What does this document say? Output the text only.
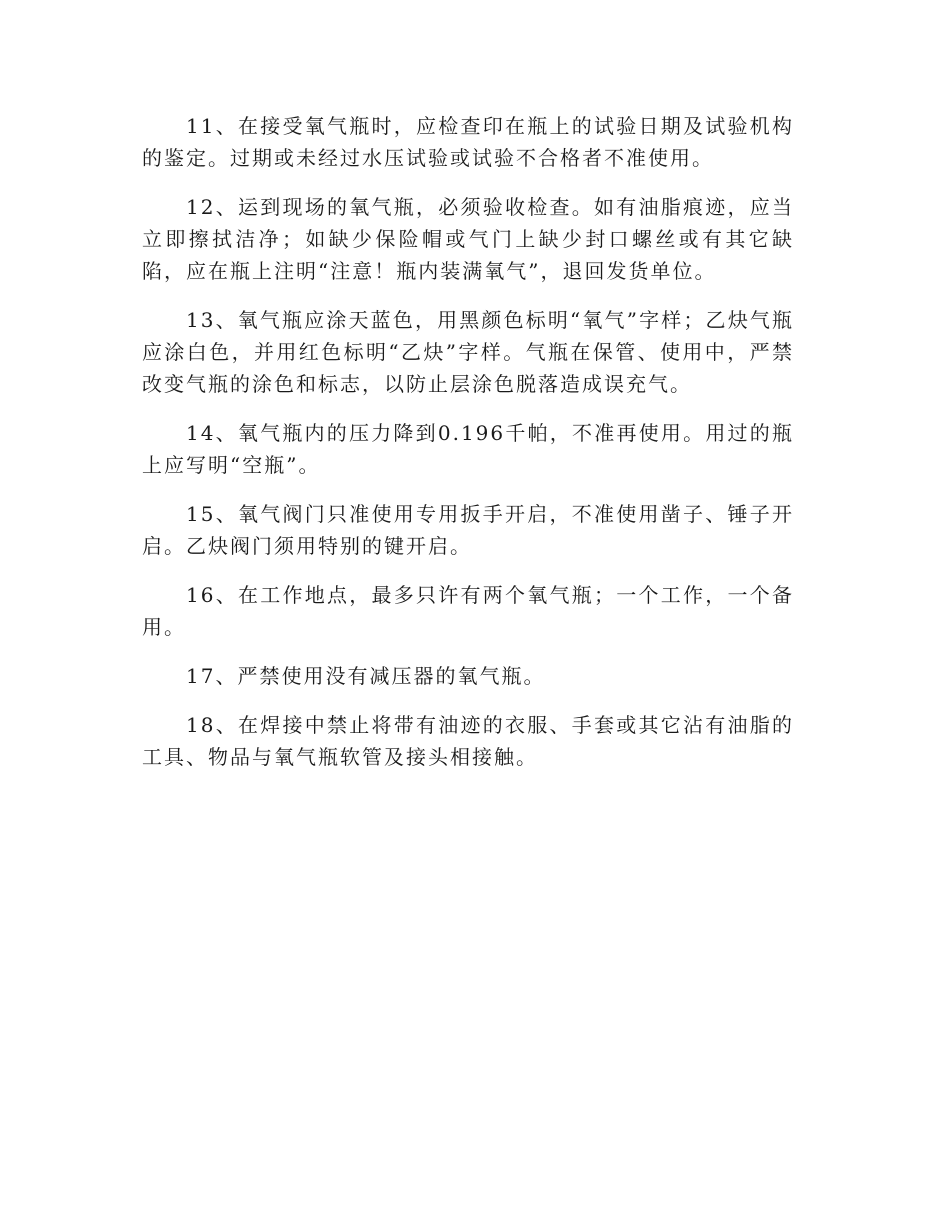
11、在接受氧气瓶时，应检查印在瓶上的试验日期及试验机构的鉴定。过期或未经过水压试验或试验不合格者不准使用。

12、运到现场的氧气瓶，必须验收检查。如有油脂痕迹，应当立即擦拭洁净；如缺少保险帽或气门上缺少封口螺丝或有其它缺陷，应在瓶上注明“注意！瓶内装满氧气”，退回发货单位。

13、氧气瓶应涂天蓝色，用黑颜色标明“氧气”字样；乙炔气瓶应涂白色，并用红色标明“乙炔”字样。气瓶在保管、使用中，严禁改变气瓶的涂色和标志，以防止层涂色脱落造成误充气。

14、氧气瓶内的压力降到0.196千帕，不准再使用。用过的瓶上应写明“空瓶”。

15、氧气阀门只准使用专用扳手开启，不准使用凿子、锤子开启。乙炔阀门须用特别的键开启。

16、在工作地点，最多只许有两个氧气瓶；一个工作，一个备用。

17、严禁使用没有减压器的氧气瓶。

18、在焊接中禁止将带有油迹的衣服、手套或其它沾有油脂的工具、物品与氧气瓶软管及接头相接触。
